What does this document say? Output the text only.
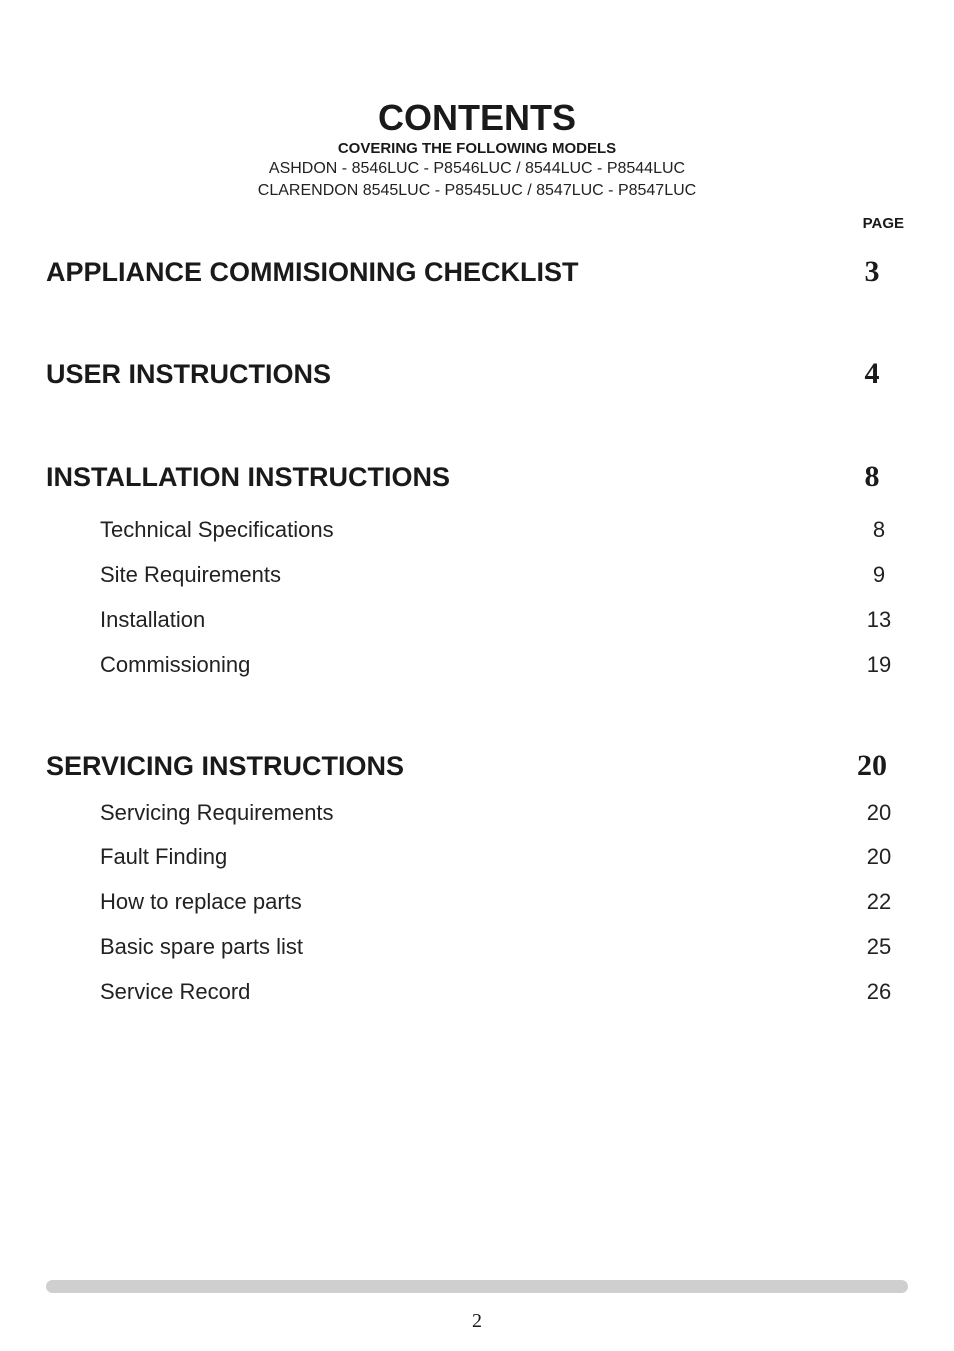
CONTENTS
COVERING THE FOLLOWING MODELS
ASHDON - 8546LUC - P8546LUC / 8544LUC - P8544LUC
CLARENDON 8545LUC - P8545LUC / 8547LUC - P8547LUC
PAGE
APPLIANCE COMMISIONING CHECKLIST	3
USER INSTRUCTIONS	4
INSTALLATION INSTRUCTIONS	8
Technical Specifications	8
Site Requirements	9
Installation	13
Commissioning	19
SERVICING INSTRUCTIONS	20
Servicing Requirements	20
Fault Finding	20
How to replace parts	22
Basic spare parts list	25
Service Record	26
2
